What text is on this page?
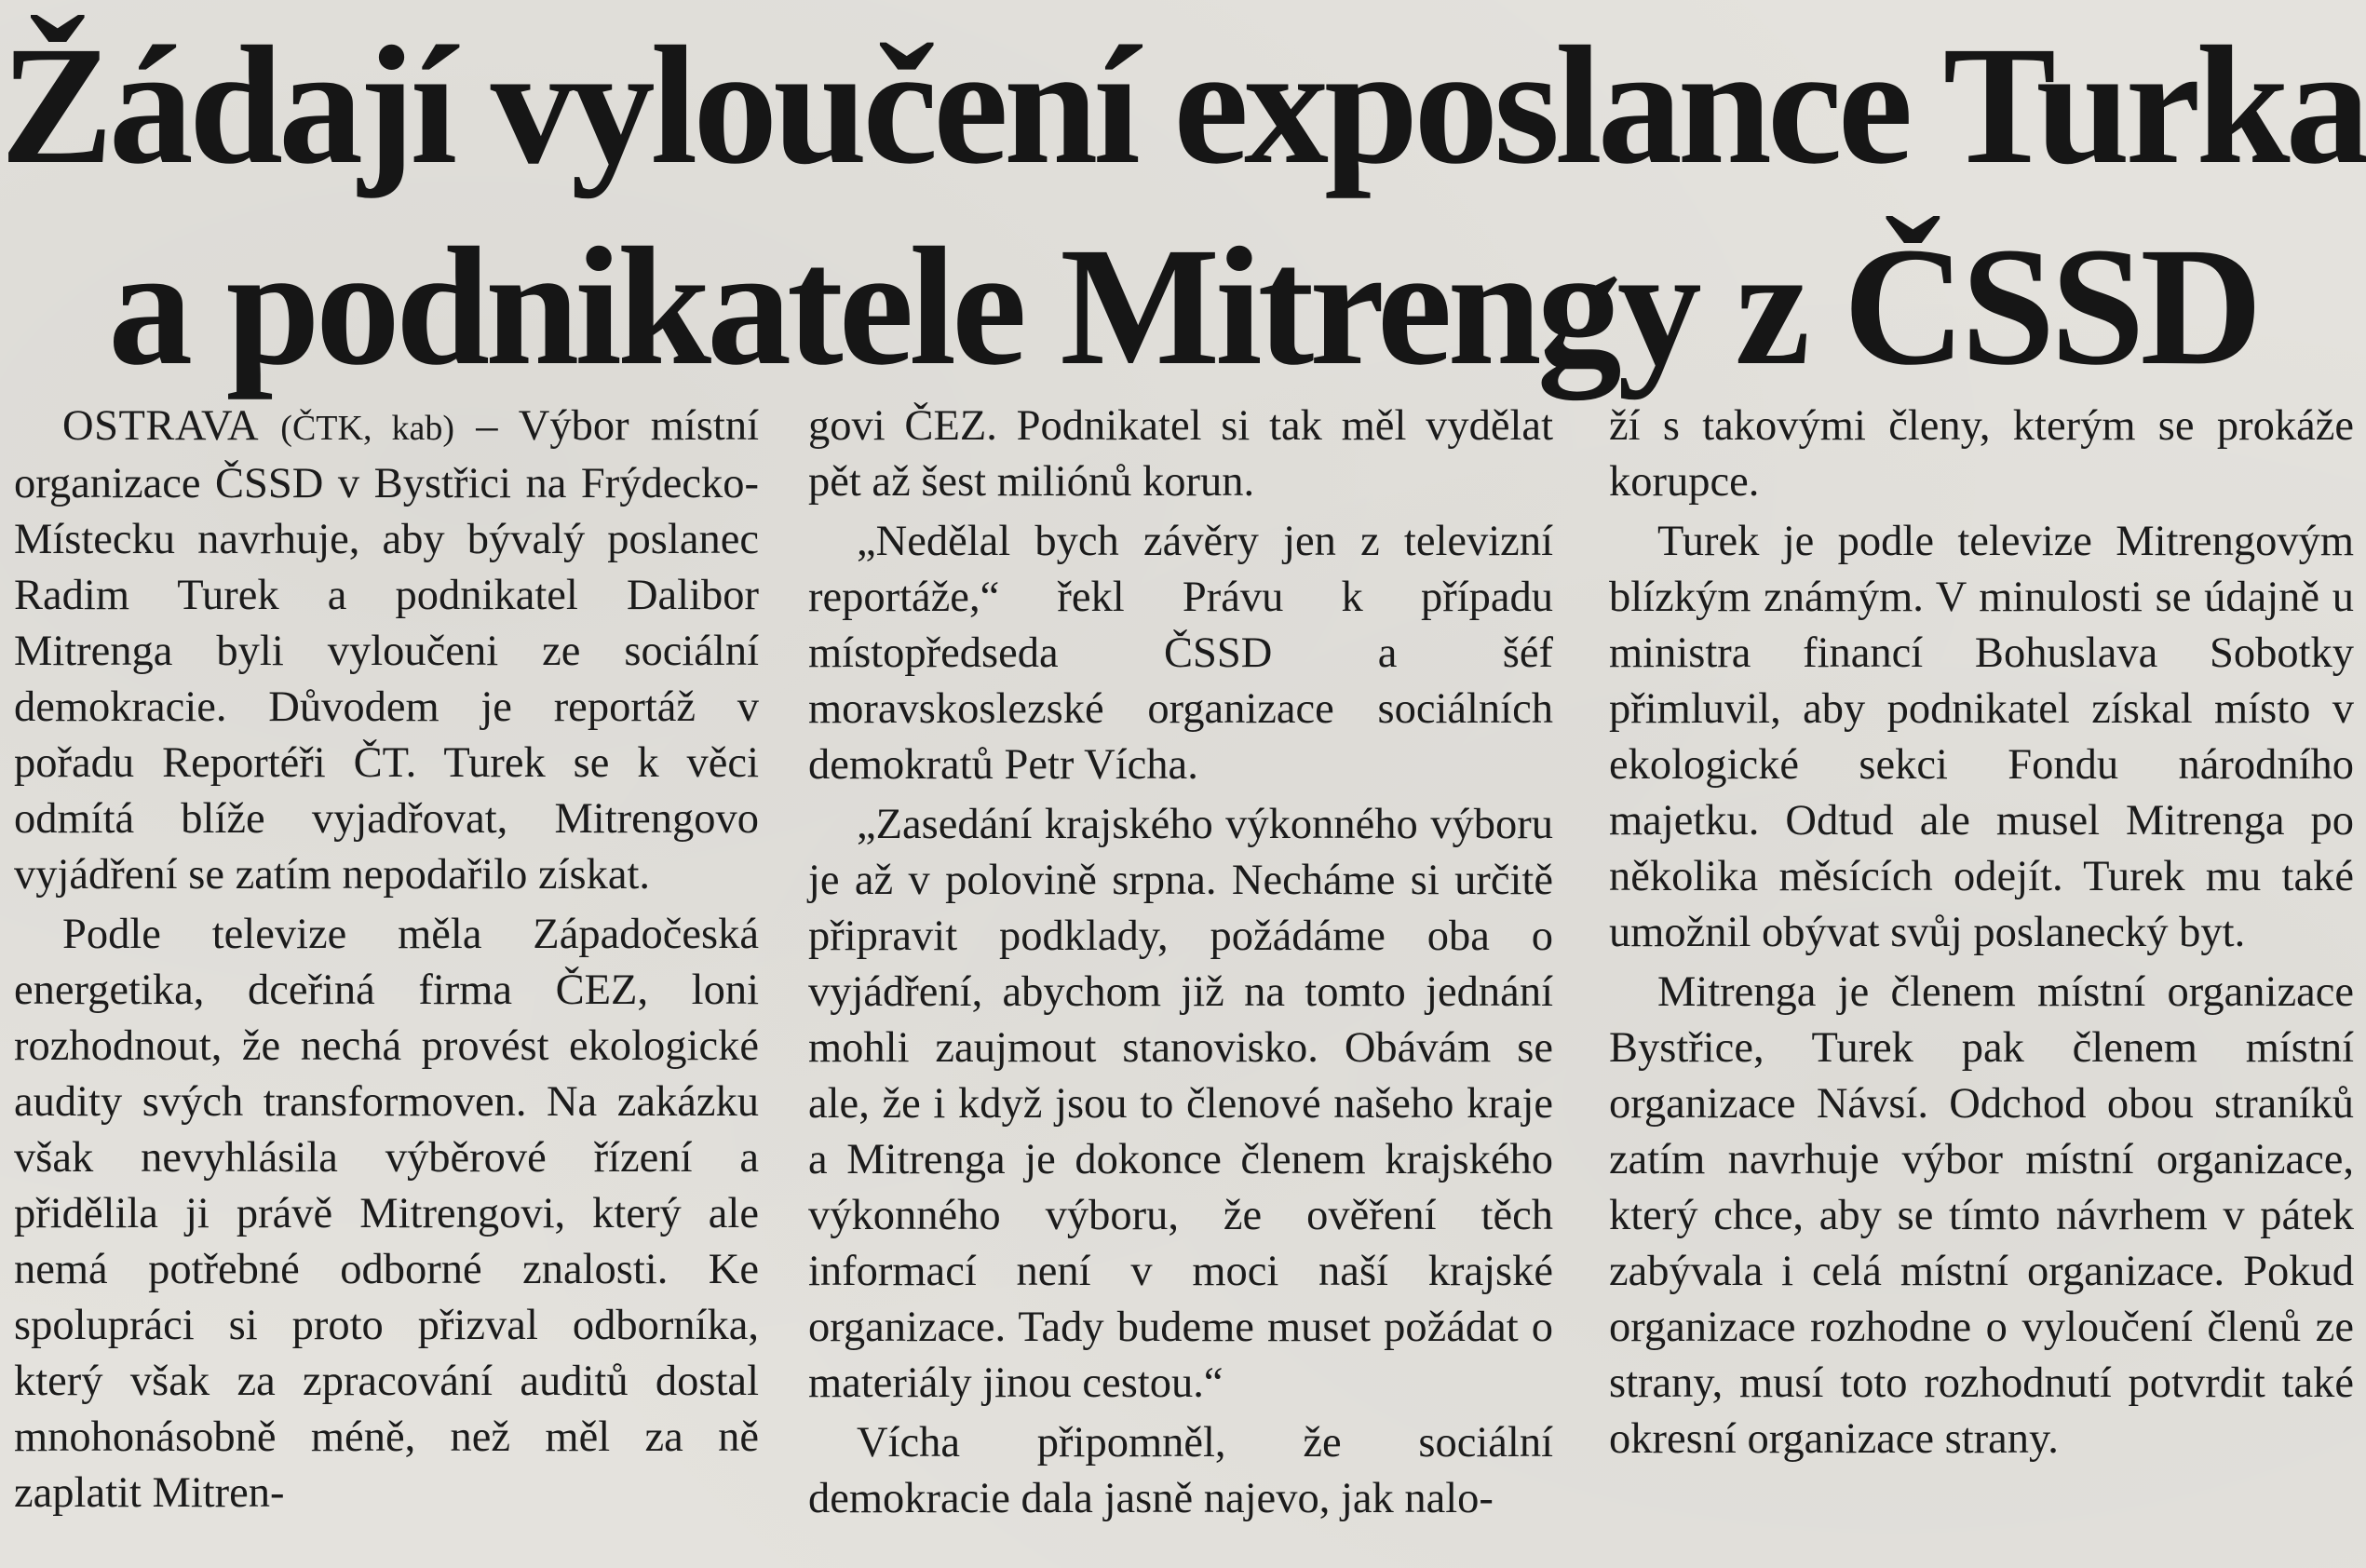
Žádají vyloučení exposlance Turka
a podnikatele Mitrengy z ČSSD

OSTRAVA (ČTK, kab) – Výbor místní organizace ČSSD v Bystřici na Frýdecko-Místecku navrhuje, aby bývalý poslanec Radim Turek a podnikatel Dalibor Mitrenga byli vyloučeni ze sociální demokracie. Důvodem je reportáž v pořadu Reportéři ČT. Turek se k věci odmítá blíže vyjadřovat, Mitrengovo vyjádření se zatím nepodařilo získat.

Podle televize měla Západočeská energetika, dceřiná firma ČEZ, loni rozhodnout, že nechá provést ekologické audity svých transformoven. Na zakázku však nevyhlásila výběrové řízení a přidělila ji právě Mitrengovi, který ale nemá potřebné odborné znalosti. Ke spolupráci si proto přizval odborníka, který však za zpracování auditů dostal mnohonásobně méně, než měl za ně zaplatit Mitren-

govi ČEZ. Podnikatel si tak měl vydělat pět až šest miliónů korun.

„Nedělal bych závěry jen z televizní reportáže,“ řekl Právu k případu místopředseda ČSSD a šéf moravskoslezské organizace sociálních demokratů Petr Vícha.

„Zasedání krajského výkonného výboru je až v polovině srpna. Necháme si určitě připravit podklady, požádáme oba o vyjádření, abychom již na tomto jednání mohli zaujmout stanovisko. Obávám se ale, že i když jsou to členové našeho kraje a Mitrenga je dokonce členem krajského výkonného výboru, že ověření těch informací není v moci naší krajské organizace. Tady budeme muset požádat o materiály jinou cestou.“

Vícha připomněl, že sociální demokracie dala jasně najevo, jak nalo-

ží s takovými členy, kterým se prokáže korupce.

Turek je podle televize Mitrengovým blízkým známým. V minulosti se údajně u ministra financí Bohuslava Sobotky přimluvil, aby podnikatel získal místo v ekologické sekci Fondu národního majetku. Odtud ale musel Mitrenga po několika měsících odejít. Turek mu také umožnil obývat svůj poslanecký byt.

Mitrenga je členem místní organizace Bystřice, Turek pak členem místní organizace Návsí. Odchod obou straníků zatím navrhuje výbor místní organizace, který chce, aby se tímto návrhem v pátek zabývala i celá místní organizace. Pokud organizace rozhodne o vyloučení členů ze strany, musí toto rozhodnutí potvrdit také okresní organizace strany.
